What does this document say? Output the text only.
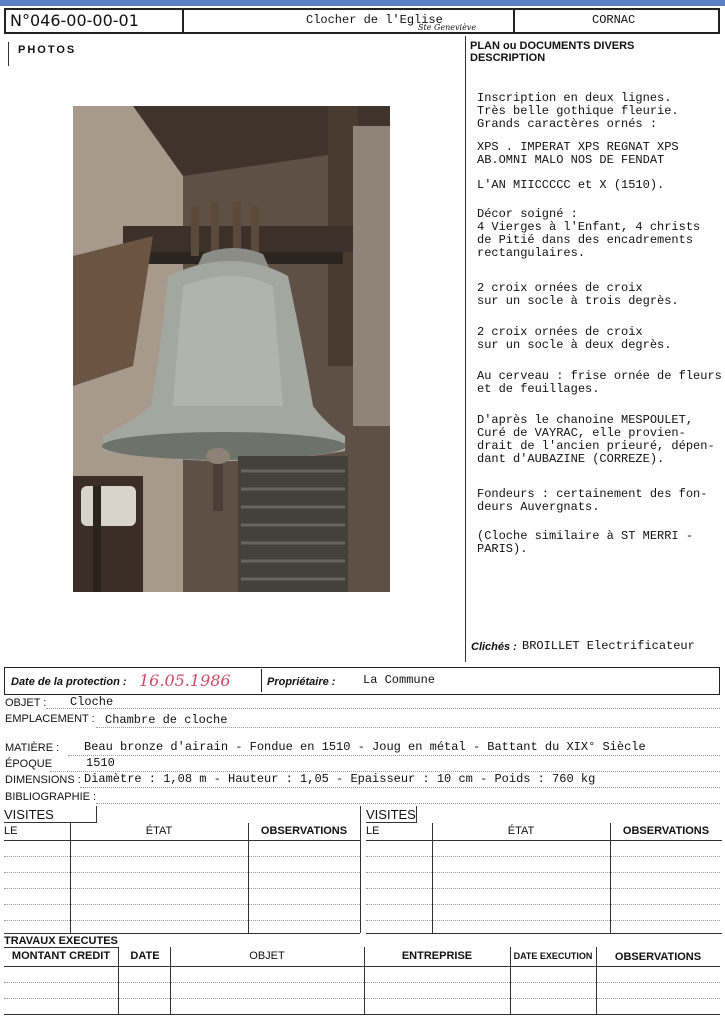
N°046-00-00-01	Clocher de l'Eglise
Ste Geneviève
CORNAC
PHOTOS	PLAN ou DOCUMENTS DIVERS
DESCRIPTION
Inscription en deux lignes.
Très belle gothique fleurie.
Grands caractères ornés :
XPS . IMPERAT XPS REGNAT XPS
AB.OMNI MALO NOS DE FENDAT
L'AN MIICCCCC et X (1510).
Décor soigné :
4 Vierges à l'Enfant, 4 christs
de Pitié dans des encadrements
rectangulaires.
2 croix ornées de croix
sur un socle à trois degrès.
2 croix ornées de croix
sur un socle à deux degrès.
Au cerveau : frise ornée de fleurs
et de feuillages.
D'après le chanoine MESPOULET,
Curé de VAYRAC, elle provien-
drait de l'ancien prieuré, dépen-
dant d'AUBAZINE (CORREZE).
Fondeurs : certainement des fon-
deurs Auvergnats.
(Cloche similaire à ST MERRI -
PARIS).
Clichés : BROILLET Electrificateur
Date de la protection : 16.05.1986	Propriétaire : La Commune
OBJET : Cloche
EMPLACEMENT : Chambre de cloche
MATIÈRE : Beau bronze d'airain - Fondue en 1510 - Joug en métal - Battant du XIX° Siècle
ÉPOQUE	1510
DIMENSIONS : Diamètre : 1,08 m - Hauteur : 1,05 - Epaisseur : 10 cm - Poids : 760 kg
BIBLIOGRAPHIE :
VISITES
LE	ÉTAT	OBSERVATIONS
VISITES
LE	ÉTAT	OBSERVATIONS
TRAVAUX EXECUTES
MONTANT CREDIT	DATE	OBJET	ENTREPRISE	DATE EXECUTION	OBSERVATIONS
